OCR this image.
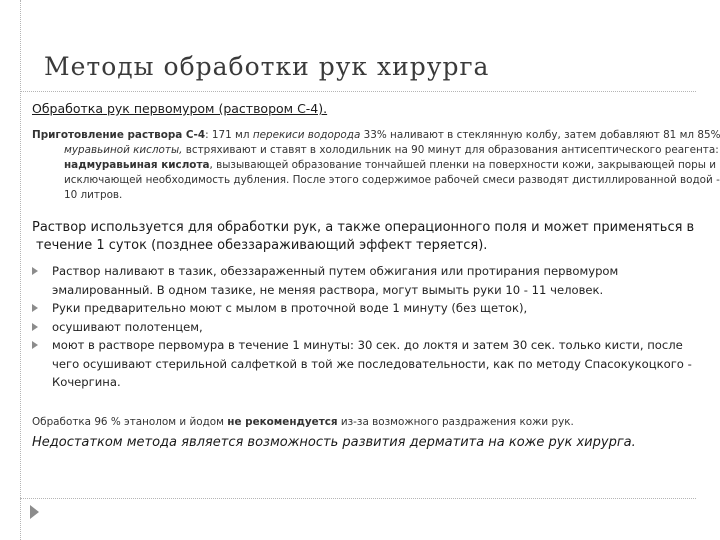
Методы обработки рук хирурга

Обработка рук первомуром (раствором С-4).

Приготовление раствора С-4: 171 мл перекиси водорода 33% наливают в стеклянную колбу, затем добавляют 81 мл 85% муравьиной кислоты, встряхивают и ставят в холодильник на 90 минут для образования антисептического реагента: надмуравьиная кислота, вызывающей образование тончайшей пленки на поверхности кожи, закрывающей поры и исключающей необходимость дубления. После этого содержимое рабочей смеси разводят дистиллированной водой - 10 литров.

Раствор используется для обработки рук, а также операционного поля и может применяться в течение 1 суток (позднее обеззараживающий эффект теряется).

Раствор наливают в тазик, обеззараженный путем обжигания или протирания первомуром эмалированный. В одном тазике, не меняя раствора, могут вымыть руки 10 - 11 человек.
Руки предварительно моют с мылом в проточной воде 1 минуту (без щеток),
осушивают полотенцем,
моют в растворе первомура в течение 1 минуты: 30 сек. до локтя и затем 30 сек. только кисти, после чего осушивают стерильной салфеткой в той же последовательности, как по методу Спасокукоцкого - Кочергина.

Обработка 96 % этанолом и йодом не рекомендуется из-за возможного раздражения кожи рук.

Недостатком метода является возможность развития дерматита на коже рук хирурга.
